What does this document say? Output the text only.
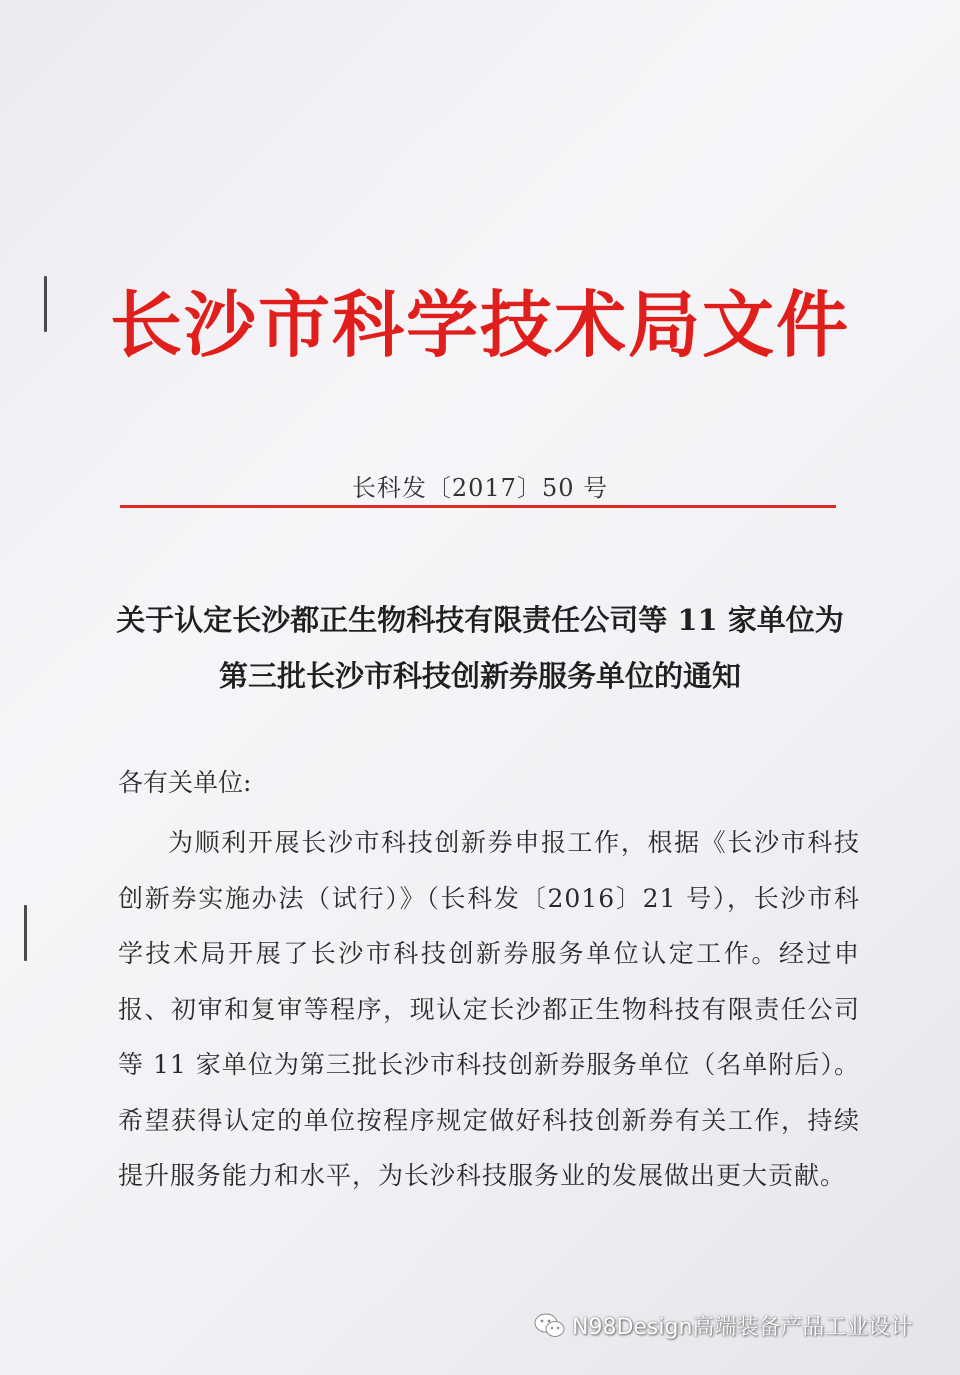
长沙市科学技术局文件
长科发〔2017〕50 号
关于认定长沙都正生物科技有限责任公司等 11 家单位为
第三批长沙市科技创新券服务单位的通知
各有关单位:
为顺利开展长沙市科技创新券申报工作，根据《长沙市科技创新券实施办法（试行）》（长科发〔2016〕21 号），长沙市科学技术局开展了长沙市科技创新券服务单位认定工作。经过申报、初审和复审等程序，现认定长沙都正生物科技有限责任公司等 11 家单位为第三批长沙市科技创新券服务单位（名单附后）。希望获得认定的单位按程序规定做好科技创新券有关工作，持续提升服务能力和水平，为长沙科技服务业的发展做出更大贡献。
N98Design高端装备产品工业设计
